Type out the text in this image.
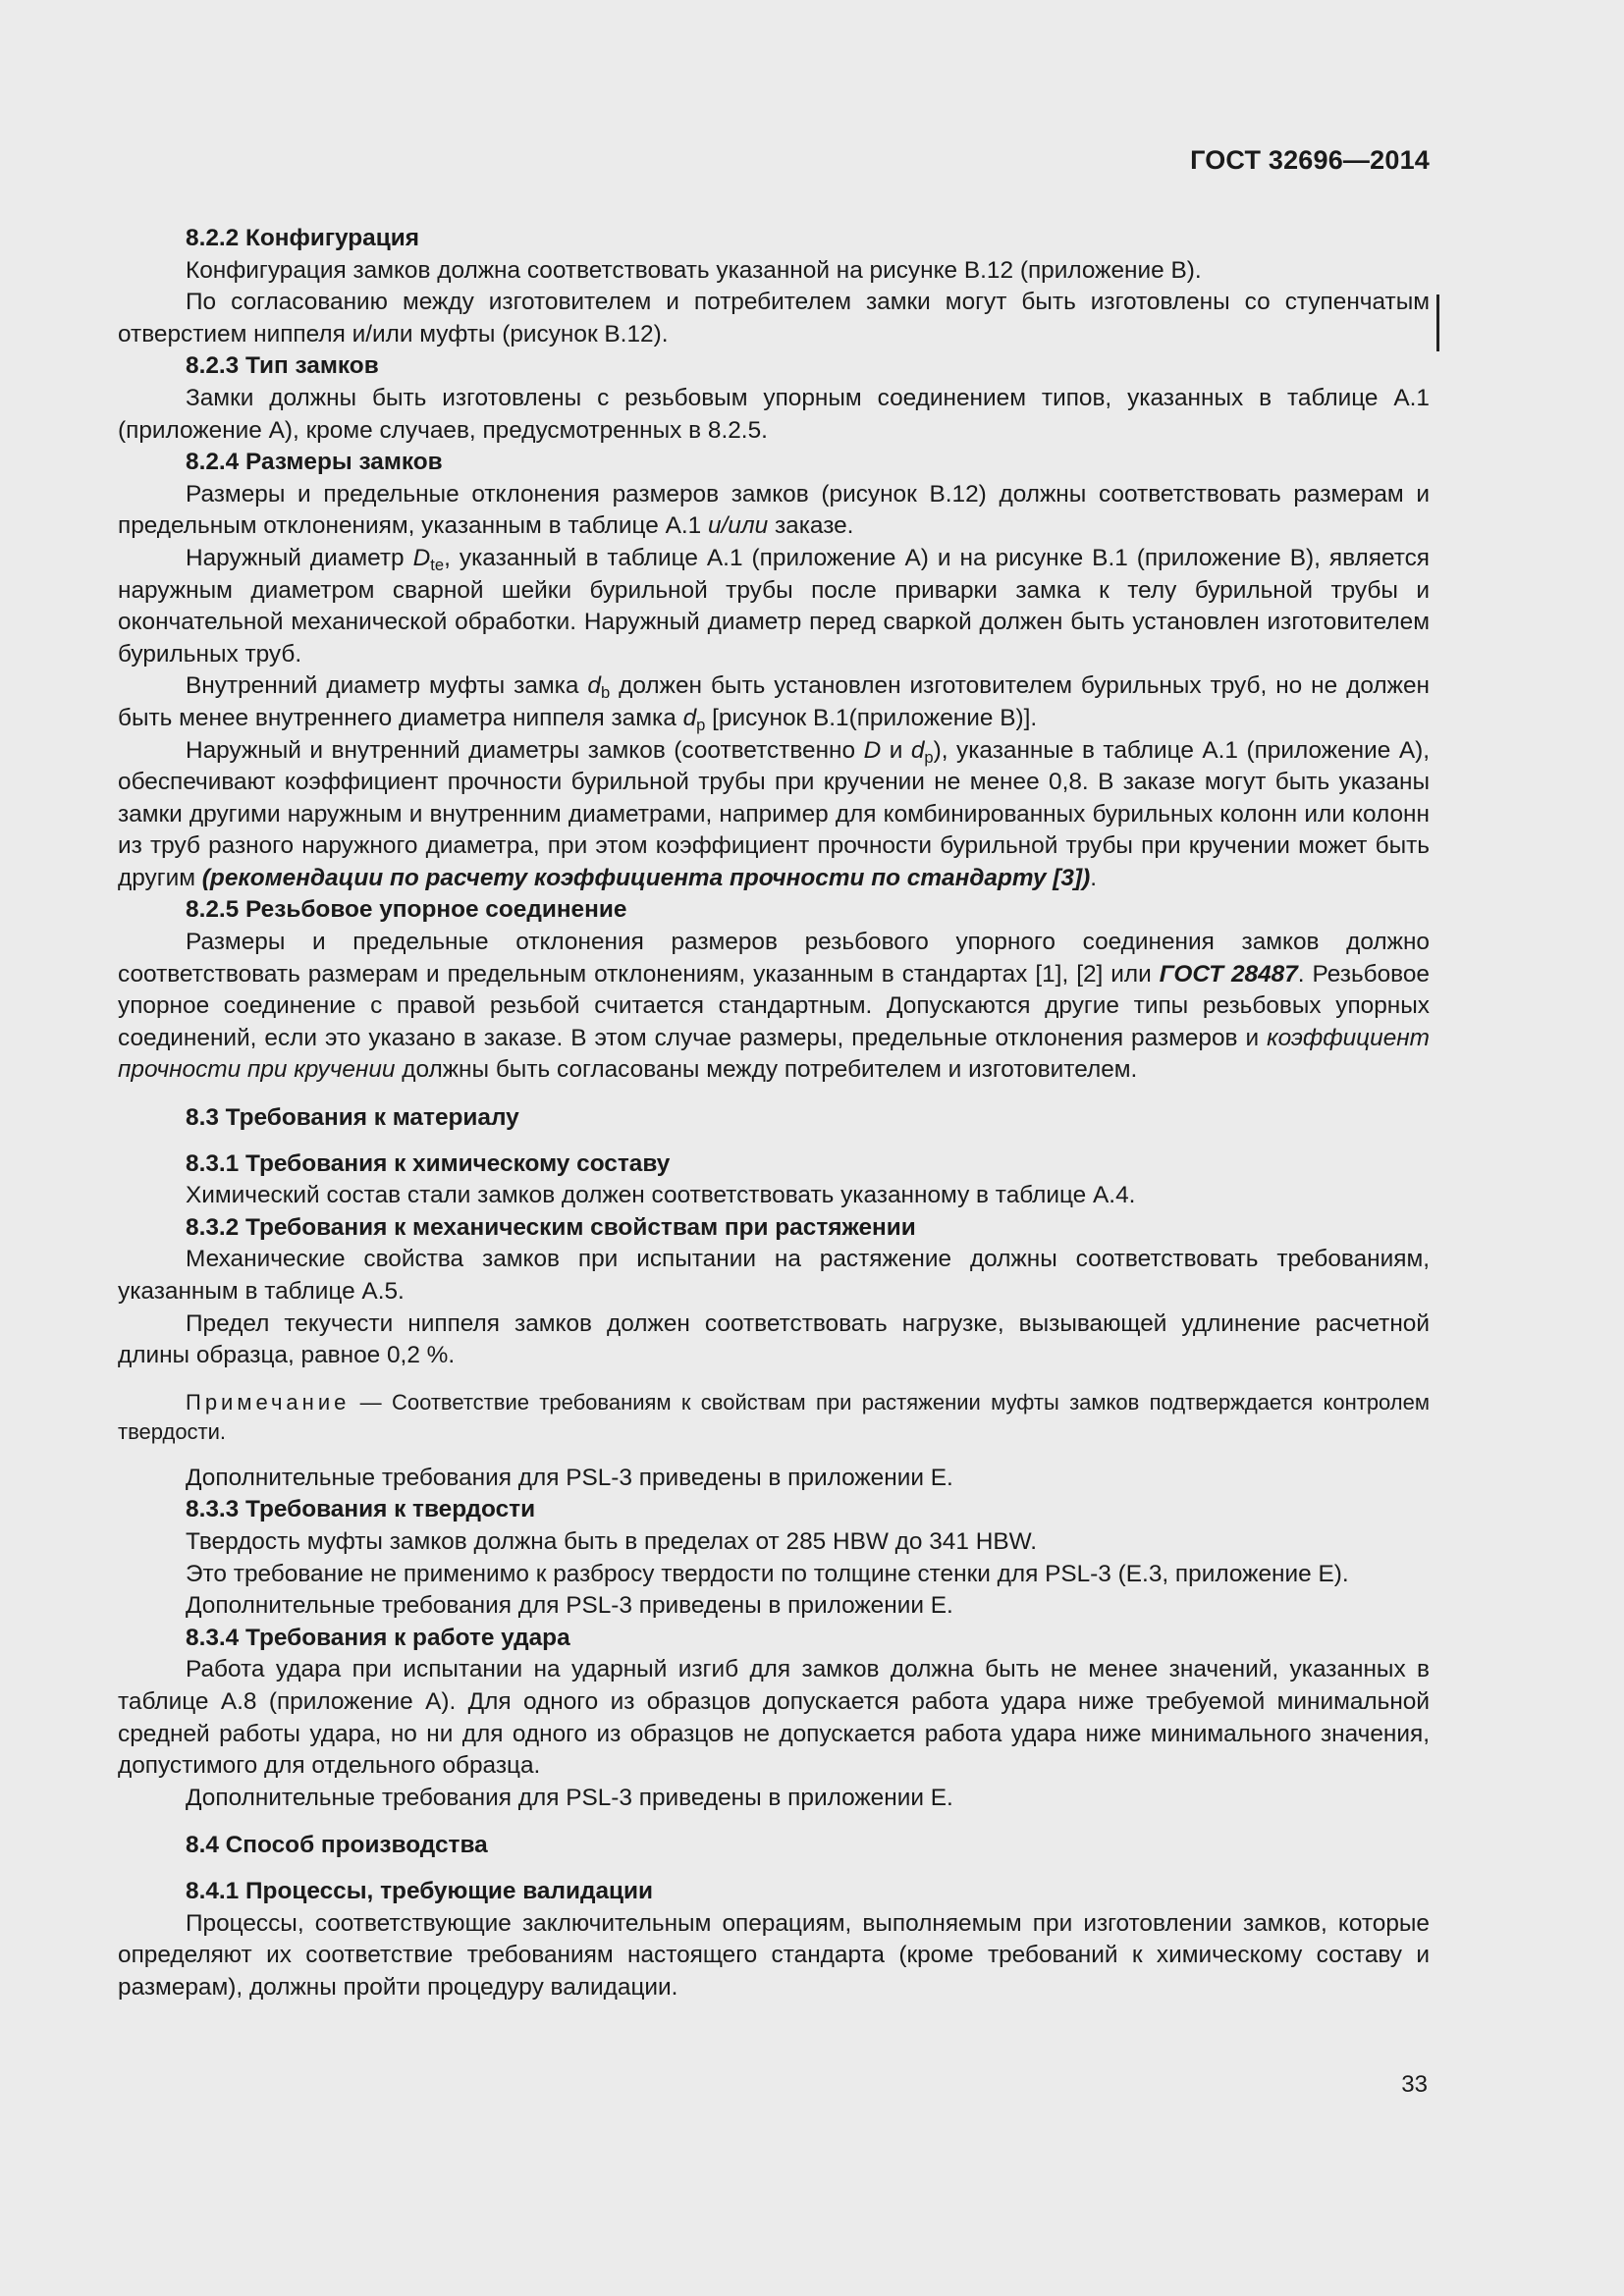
ГОСТ 32696—2014

8.2.2 Конфигурация

Конфигурация замков должна соответствовать указанной на рисунке В.12 (приложение В).

По согласованию между изготовителем и потребителем замки могут быть изготовлены со ступенчатым отверстием ниппеля и/или муфты (рисунок В.12).

8.2.3 Тип замков

Замки должны быть изготовлены с резьбовым упорным соединением типов, указанных в таблице А.1 (приложение А), кроме случаев, предусмотренных в 8.2.5.

8.2.4 Размеры замков

Размеры и предельные отклонения размеров замков (рисунок В.12) должны соответствовать размерам и предельным отклонениям, указанным в таблице А.1 и/или заказе.

Наружный диаметр $D_{te}$, указанный в таблице А.1 (приложение А) и на рисунке В.1 (приложение В), является наружным диаметром сварной шейки бурильной трубы после приварки замка к телу бурильной трубы и окончательной механической обработки. Наружный диаметр перед сваркой должен быть установлен изготовителем бурильных труб.

Внутренний диаметр муфты замка $d_b$ должен быть установлен изготовителем бурильных труб, но не должен быть менее внутреннего диаметра ниппеля замка $d_p$ [рисунок В.1(приложение В)].

Наружный и внутренний диаметры замков (соответственно D и $d_p$), указанные в таблице А.1 (приложение А), обеспечивают коэффициент прочности бурильной трубы при кручении не менее 0,8. В заказе могут быть указаны замки другими наружным и внутренним диаметрами, например для комбинированных бурильных колонн или колонн из труб разного наружного диаметра, при этом коэффициент прочности бурильной трубы при кручении может быть другим (рекомендации по расчету коэффициента прочности по стандарту [3]).

8.2.5 Резьбовое упорное соединение

Размеры и предельные отклонения размеров резьбового упорного соединения замков должно соответствовать размерам и предельным отклонениям, указанным в стандартах [1], [2] или ГОСТ 28487. Резьбовое упорное соединение с правой резьбой считается стандартным. Допускаются другие типы резьбовых упорных соединений, если это указано в заказе. В этом случае размеры, предельные отклонения размеров и коэффициент прочности при кручении должны быть согласованы между потребителем и изготовителем.

8.3 Требования к материалу

8.3.1 Требования к химическому составу

Химический состав стали замков должен соответствовать указанному в таблице А.4.

8.3.2 Требования к механическим свойствам при растяжении

Механические свойства замков при испытании на растяжение должны соответствовать требованиям, указанным в таблице А.5.

Предел текучести ниппеля замков должен соответствовать нагрузке, вызывающей удлинение расчетной длины образца, равное 0,2 %.

Примечание — Соответствие требованиям к свойствам при растяжении муфты замков подтверждается контролем твердости.

Дополнительные требования для PSL-3 приведены в приложении Е.

8.3.3 Требования к твердости

Твердость муфты замков должна быть в пределах от 285 HBW до 341 HBW.

Это требование не применимо к разбросу твердости по толщине стенки для PSL-3 (Е.3, приложение Е).

Дополнительные требования для PSL-3 приведены в приложении Е.

8.3.4 Требования к работе удара

Работа удара при испытании на ударный изгиб для замков должна быть не менее значений, указанных в таблице А.8 (приложение А). Для одного из образцов допускается работа удара ниже требуемой минимальной средней работы удара, но ни для одного из образцов не допускается работа удара ниже минимального значения, допустимого для отдельного образца.

Дополнительные требования для PSL-3 приведены в приложении Е.

8.4 Способ производства

8.4.1 Процессы, требующие валидации

Процессы, соответствующие заключительным операциям, выполняемым при изготовлении замков, которые определяют их соответствие требованиям настоящего стандарта (кроме требований к химическому составу и размерам), должны пройти процедуру валидации.

33
